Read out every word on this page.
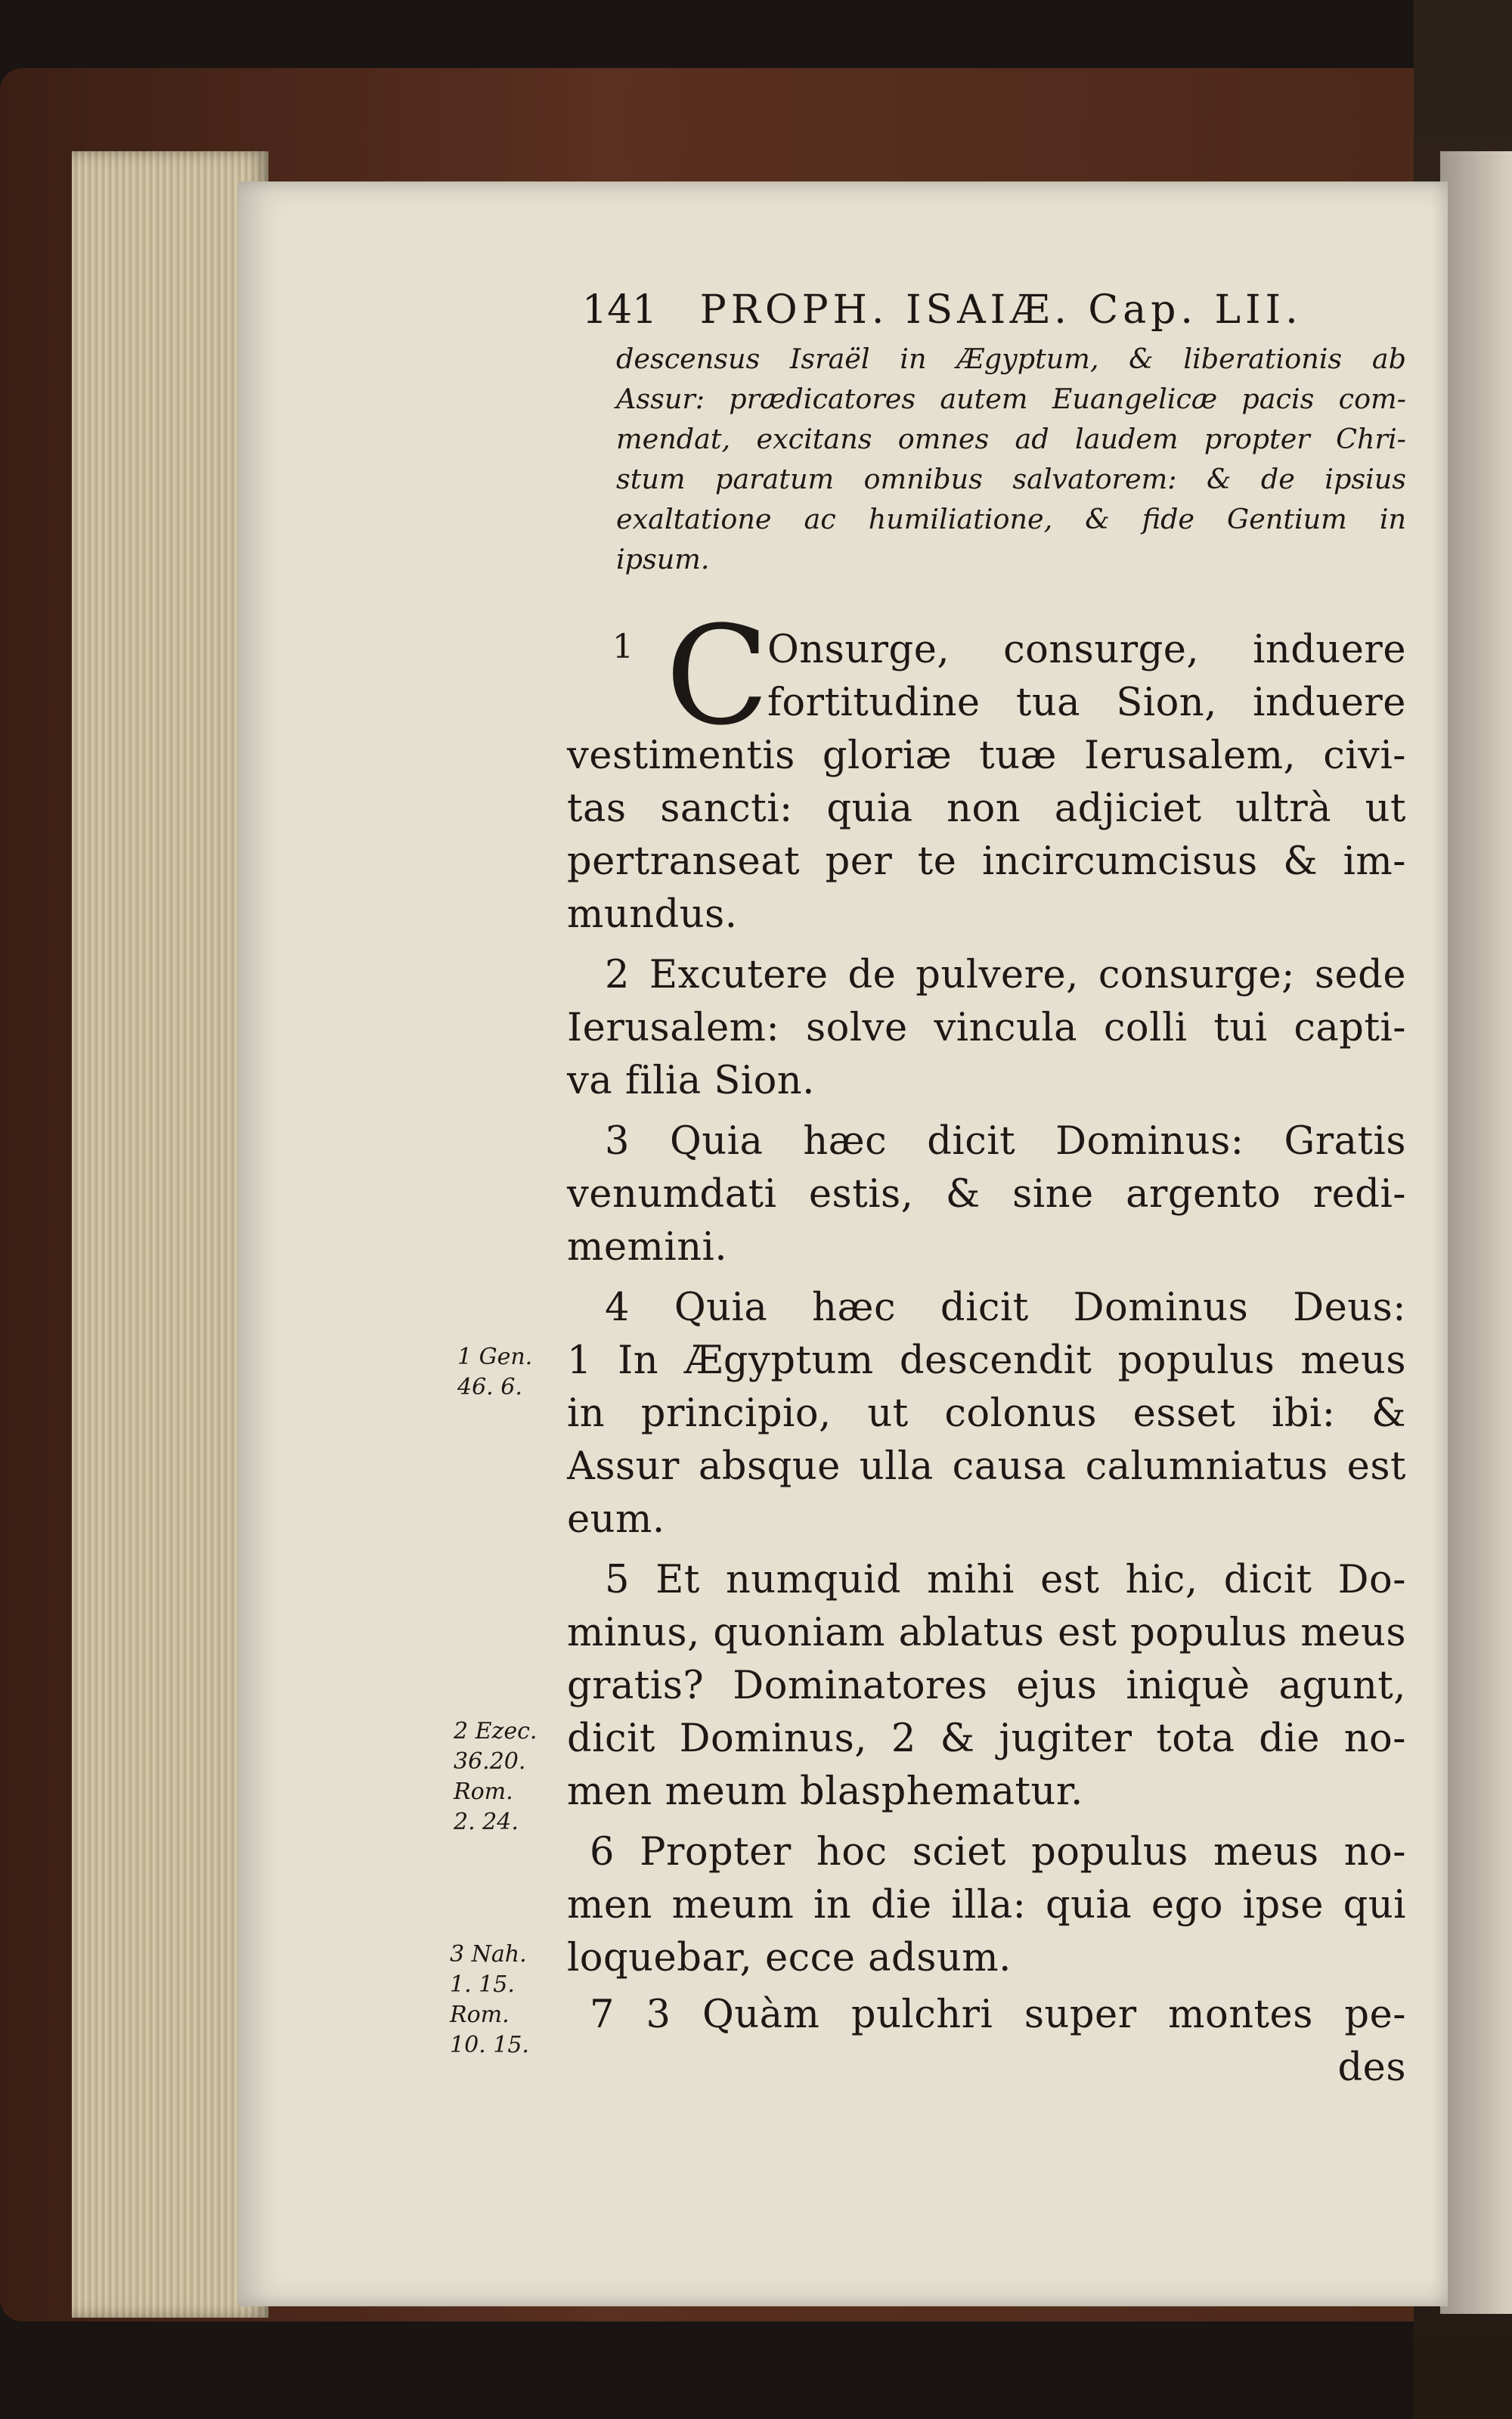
141 PROPH. ISAIÆ. Cap. LII.
descensus Israël in Ægyptum, & liberationis ab
Assur: prædicatores autem Euangelicæ pacis com-
mendat, excitans omnes ad laudem propter Chri-
stum paratum omnibus salvatorem: & de ipsius
exaltatione ac humiliatione, & fide Gentium in
ipsum.
1 C
Onsurge, consurge, induere
fortitudine tua Sion, induere
vestimentis gloriæ tuæ Ierusalem, civi-
tas sancti: quia non adjiciet ultrà ut
pertranseat per te incircumcisus & im-
mundus.
2 Excutere de pulvere, consurge; sede
Ierusalem: solve vincula colli tui capti-
va filia Sion.
3 Quia hæc dicit Dominus: Gratis
venumdati estis, & sine argento redi-
memini.
4 Quia hæc dicit Dominus Deus:
1 In Ægyptum descendit populus meus
in principio, ut colonus esset ibi: &
Assur absque ulla causa calumniatus est
eum.
5 Et numquid mihi est hic, dicit Do-
minus, quoniam ablatus est populus meus
gratis? Dominatores ejus iniquè agunt,
dicit Dominus, 2 & jugiter tota die no-
men meum blasphematur.
6 Propter hoc sciet populus meus no-
men meum in die illa: quia ego ipse qui
loquebar, ecce adsum.
7 3 Quàm pulchri super montes pe-
des
1 Gen.
46. 6.
2 Ezec.
36.20.
Rom.
2. 24.
3 Nah.
1. 15.
Rom.
10. 15.
